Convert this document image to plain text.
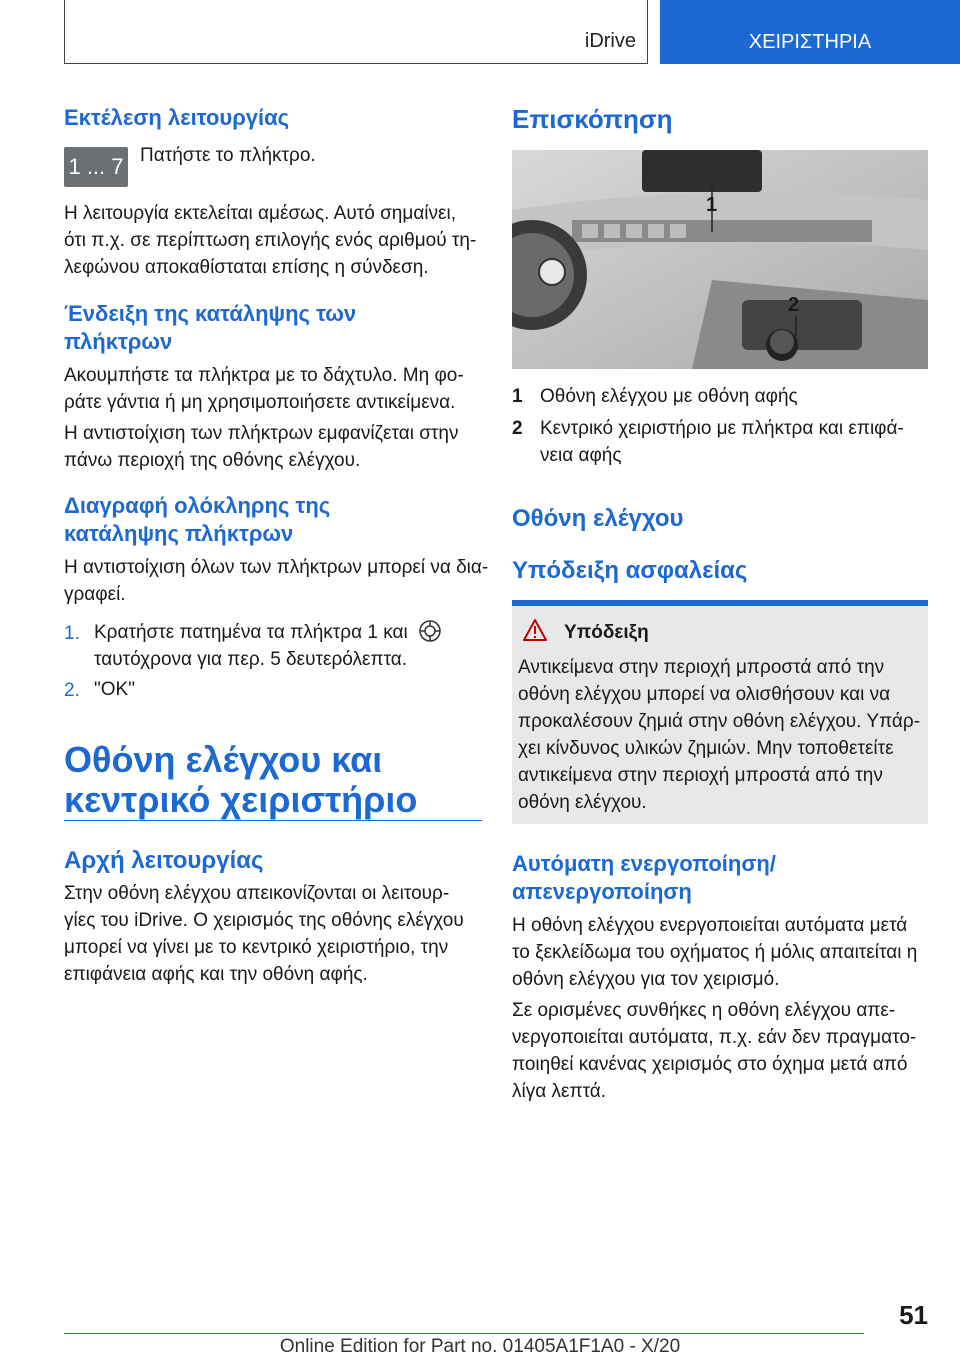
iDrive	ΧΕΙΡΙΣΤΗΡΙΑ
Εκτέλεση λειτουργίας
1 ... 7 Πατήστε το πλήκτρο.
Η λειτουργία εκτελείται αμέσως. Αυτό σημαίνει,
ότι π.χ. σε περίπτωση επιλογής ενός αριθμού τη-
λεφώνου αποκαθίσταται επίσης η σύνδεση.
Ένδειξη της κατάληψης των
πλήκτρων
Ακουμπήστε τα πλήκτρα με το δάχτυλο. Μη φο-
ράτε γάντια ή μη χρησιμοποιήσετε αντικείμενα.
Η αντιστοίχιση των πλήκτρων εμφανίζεται στην
πάνω περιοχή της οθόνης ελέγχου.
Διαγραφή ολόκληρης της
κατάληψης πλήκτρων
Η αντιστοίχιση όλων των πλήκτρων μπορεί να δια-
γραφεί.
1. Κρατήστε πατημένα τα πλήκτρα 1 και
ταυτόχρονα για περ. 5 δευτερόλεπτα.
2. "OK"
Οθόνη ελέγχου και
κεντρικό χειριστήριο
Αρχή λειτουργίας
Στην οθόνη ελέγχου απεικονίζονται οι λειτουρ-
γίες του iDrive. Ο χειρισμός της οθόνης ελέγχου
μπορεί να γίνει με το κεντρικό χειριστήριο, την
επιφάνεια αφής και την οθόνη αφής.
Επισκόπηση
1
2
1 Οθόνη ελέγχου με οθόνη αφής
2 Κεντρικό χειριστήριο με πλήκτρα και επιφά-
νεια αφής
Οθόνη ελέγχου
Υπόδειξη ασφαλείας
Υπόδειξη
Αντικείμενα στην περιοχή μπροστά από την
οθόνη ελέγχου μπορεί να ολισθήσουν και να
προκαλέσουν ζημιά στην οθόνη ελέγχου. Υπάρ-
χει κίνδυνος υλικών ζημιών. Μην τοποθετείτε
αντικείμενα στην περιοχή μπροστά από την
οθόνη ελέγχου.
Αυτόματη ενεργοποίηση/
απενεργοποίηση
Η οθόνη ελέγχου ενεργοποιείται αυτόματα μετά
το ξεκλείδωμα του οχήματος ή μόλις απαιτείται η
οθόνη ελέγχου για τον χειρισμό.
Σε ορισμένες συνθήκες η οθόνη ελέγχου απε-
νεργοποιείται αυτόματα, π.χ. εάν δεν πραγματο-
ποιηθεί κανένας χειρισμός στο όχημα μετά από
λίγα λεπτά.
51
Online Edition for Part no. 01405A1F1A0 - X/20
